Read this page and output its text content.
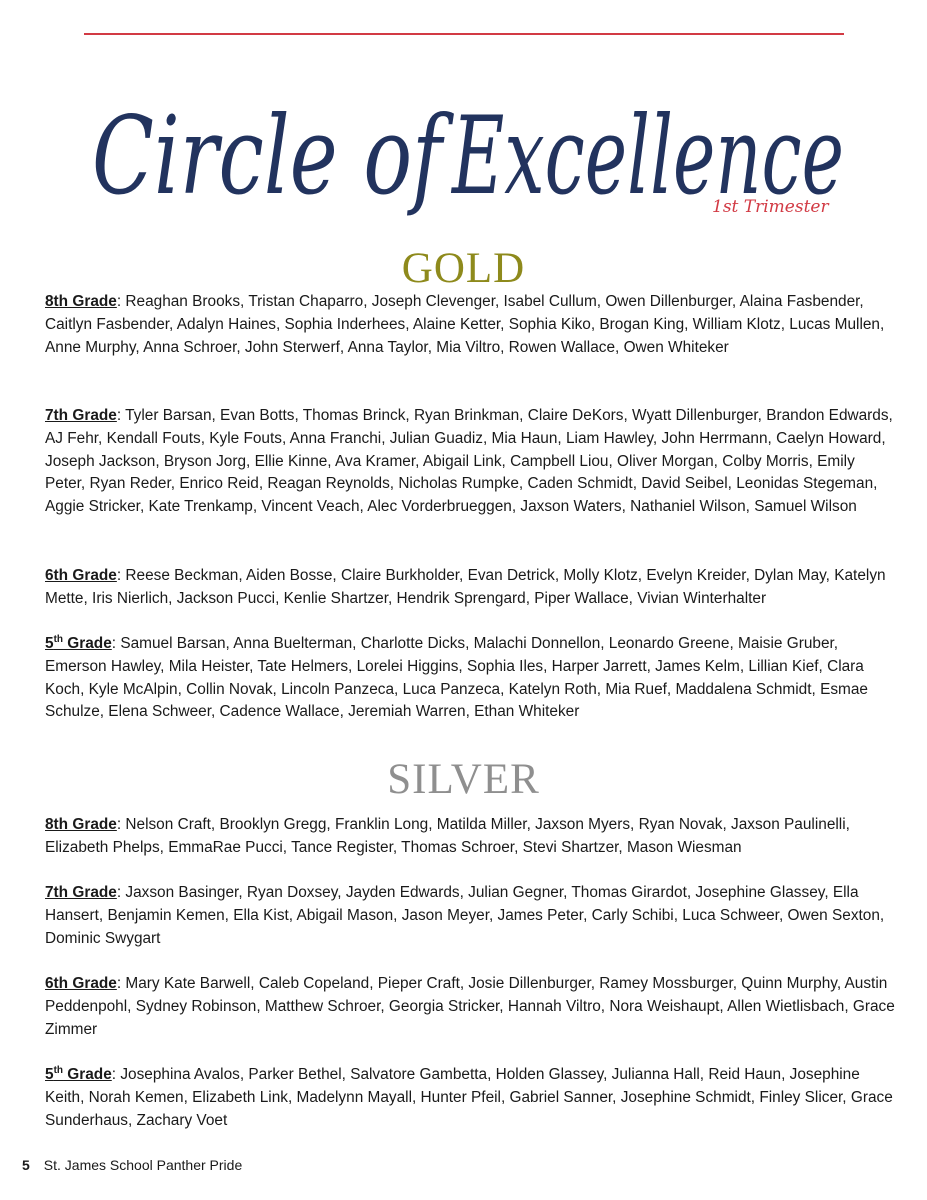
Circle of
Excellence
1st Trimester
GOLD
8th Grade: Reaghan Brooks, Tristan Chaparro, Joseph Clevenger, Isabel Cullum, Owen Dillenburger, Alaina Fasbender, Caitlyn Fasbender, Adalyn Haines, Sophia Inderhees, Alaine Ketter, Sophia Kiko, Brogan King, William Klotz, Lucas Mullen, Anne Murphy, Anna Schroer, John Sterwerf, Anna Taylor, Mia Viltro, Rowen Wallace, Owen Whiteker
7th Grade: Tyler Barsan, Evan Botts, Thomas Brinck, Ryan Brinkman, Claire DeKors, Wyatt Dillenburger, Brandon Edwards, AJ Fehr, Kendall Fouts, Kyle Fouts, Anna Franchi, Julian Guadiz, Mia Haun, Liam Hawley, John Herrmann, Caelyn Howard, Joseph Jackson, Bryson Jorg, Ellie Kinne, Ava Kramer, Abigail Link, Campbell Liou, Oliver Morgan, Colby Morris, Emily Peter, Ryan Reder, Enrico Reid, Reagan Reynolds, Nicholas Rumpke, Caden Schmidt, David Seibel, Leonidas Stegeman, Aggie Stricker, Kate Trenkamp, Vincent Veach, Alec Vorderbrueggen, Jaxson Waters, Nathaniel Wilson, Samuel Wilson
6th Grade: Reese Beckman, Aiden Bosse, Claire Burkholder, Evan Detrick, Molly Klotz, Evelyn Kreider, Dylan May, Katelyn Mette, Iris Nierlich, Jackson Pucci, Kenlie Shartzer, Hendrik Sprengard, Piper Wallace, Vivian Winterhalter
5th Grade: Samuel Barsan, Anna Buelterman, Charlotte Dicks, Malachi Donnellon, Leonardo Greene, Maisie Gruber, Emerson Hawley, Mila Heister, Tate Helmers, Lorelei Higgins, Sophia Iles, Harper Jarrett, James Kelm, Lillian Kief, Clara Koch, Kyle McAlpin, Collin Novak, Lincoln Panzeca, Luca Panzeca, Katelyn Roth, Mia Ruef, Maddalena Schmidt, Esmae Schulze, Elena Schweer, Cadence Wallace, Jeremiah Warren, Ethan Whiteker
SILVER
8th Grade: Nelson Craft, Brooklyn Gregg, Franklin Long, Matilda Miller, Jaxson Myers, Ryan Novak, Jaxson Paulinelli, Elizabeth Phelps, EmmaRae Pucci, Tance Register, Thomas Schroer, Stevi Shartzer, Mason Wiesman
7th Grade: Jaxson Basinger, Ryan Doxsey, Jayden Edwards, Julian Gegner, Thomas Girardot, Josephine Glassey, Ella Hansert, Benjamin Kemen, Ella Kist, Abigail Mason, Jason Meyer, James Peter, Carly Schibi, Luca Schweer, Owen Sexton, Dominic Swygart
6th Grade: Mary Kate Barwell, Caleb Copeland, Pieper Craft, Josie Dillenburger, Ramey Mossburger, Quinn Murphy, Austin Peddenpohl, Sydney Robinson, Matthew Schroer, Georgia Stricker, Hannah Viltro, Nora Weishaupt, Allen Wietlisbach, Grace Zimmer
5th Grade: Josephina Avalos, Parker Bethel, Salvatore Gambetta, Holden Glassey, Julianna Hall, Reid Haun, Josephine Keith, Norah Kemen, Elizabeth Link, Madelynn Mayall, Hunter Pfeil, Gabriel Sanner, Josephine Schmidt, Finley Slicer, Grace Sunderhaus, Zachary Voet
5 St. James School Panther Pride
